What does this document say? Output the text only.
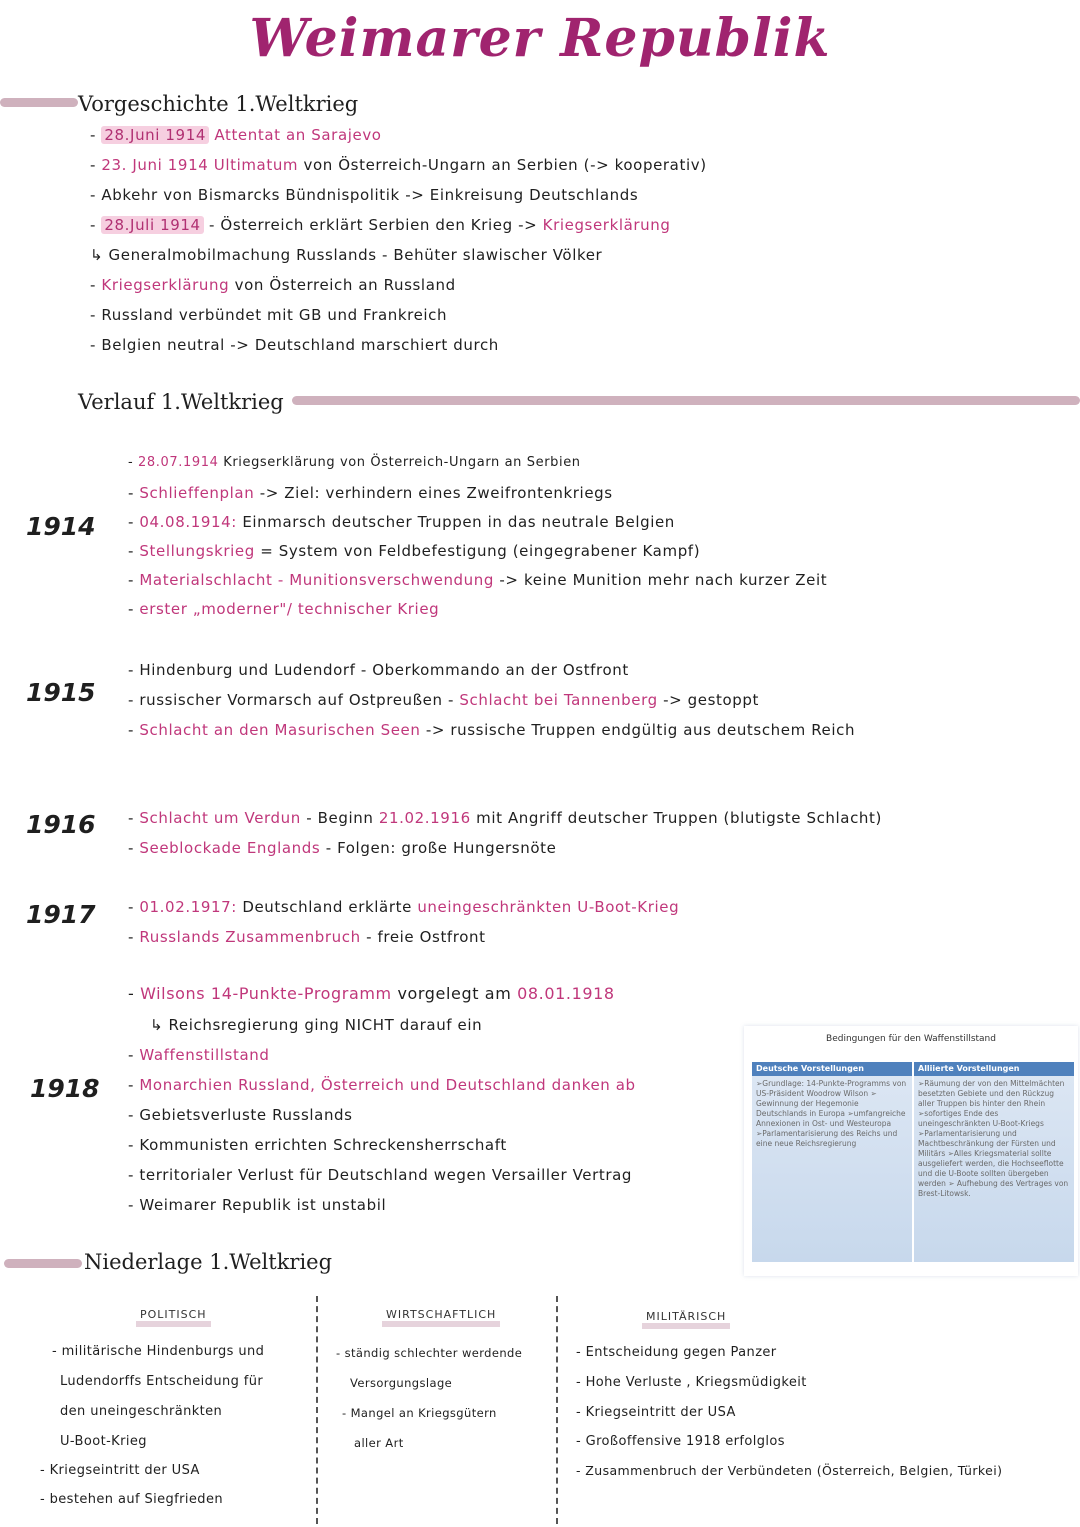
Weimarer Republik
Vorgeschichte 1.Weltkrieg
- 28.Juni 1914 Attentat an Sarajevo
- 23. Juni 1914 Ultimatum von Österreich-Ungarn an Serbien (-> kooperativ)
- Abkehr von Bismarcks Bündnispolitik -> Einkreisung Deutschlands
- 28.Juli 1914 - Österreich erklärt Serbien den Krieg -> Kriegserklärung
↳ Generalmobilmachung Russlands - Behüter slawischer Völker
- Kriegserklärung von Österreich an Russland
- Russland verbündet mit GB und Frankreich
- Belgien neutral -> Deutschland marschiert durch
Verlauf 1.Weltkrieg
1914
- 28.07.1914 Kriegserklärung von Österreich-Ungarn an Serbien
- Schlieffenplan -> Ziel: verhindern eines Zweifrontenkriegs
- 04.08.1914: Einmarsch deutscher Truppen in das neutrale Belgien
- Stellungskrieg = System von Feldbefestigung (eingegrabener Kampf)
- Materialschlacht - Munitionsverschwendung -> keine Munition mehr nach kurzer Zeit
- erster „moderner"/ technischer Krieg
1915
- Hindenburg und Ludendorf - Oberkommando an der Ostfront
- russischer Vormarsch auf Ostpreußen - Schlacht bei Tannenberg -> gestoppt
- Schlacht an den Masurischen Seen -> russische Truppen endgültig aus deutschem Reich
1916 - Schlacht um Verdun - Beginn 21.02.1916 mit Angriff deutscher Truppen (blutigste Schlacht)
- Seeblockade Englands - Folgen: große Hungersnöte
1917 - 01.02.1917: Deutschland erklärte uneingeschränkten U-Boot-Krieg
- Russlands Zusammenbruch - freie Ostfront
1918
- Wilsons 14-Punkte-Programm vorgelegt am 08.01.1918
↳ Reichsregierung ging NICHT darauf ein
- Waffenstillstand
- Monarchien Russland, Österreich und Deutschland danken ab
- Gebietsverluste Russlands
- Kommunisten errichten Schreckensherrschaft
- territorialer Verlust für Deutschland wegen Versailler Vertrag
- Weimarer Republik ist unstabil
Bedingungen für den Waffenstillstand
Deutsche Vorstellungen
➢Grundlage: 14-Punkte-Programms von US-Präsident Woodrow Wilson ➢ Gewinnung der Hegemonie Deutschlands in Europa ➢umfangreiche Annexionen in Ost- und Westeuropa ➢Parlamentarisierung des Reichs und eine neue Reichsregierung
Alliierte Vorstellungen
➢Räumung der von den Mittelmächten besetzten Gebiete und den Rückzug aller Truppen bis hinter den Rhein ➢sofortiges Ende des uneingeschränkten U-Boot-Kriegs ➢Parlamentarisierung und Machtbeschränkung der Fürsten und Militärs ➢Alles Kriegsmaterial sollte ausgeliefert werden, die Hochseeflotte und die U-Boote sollten übergeben werden ➢ Aufhebung des Vertrages von Brest-Litowsk.
Niederlage 1.Weltkrieg
POLITISCH
- militärische Hindenburgs und
Ludendorffs Entscheidung für
den uneingeschränkten
U-Boot-Krieg
- Kriegseintritt der USA
- bestehen auf Siegfrieden
WIRTSCHAFTLICH
- ständig schlechter werdende
Versorgungslage
- Mangel an Kriegsgütern
aller Art
MILITÄRISCH
- Entscheidung gegen Panzer
- Hohe Verluste , Kriegsmüdigkeit
- Kriegseintritt der USA
- Großoffensive 1918 erfolglos
- Zusammenbruch der Verbündeten (Österreich, Belgien, Türkei)
